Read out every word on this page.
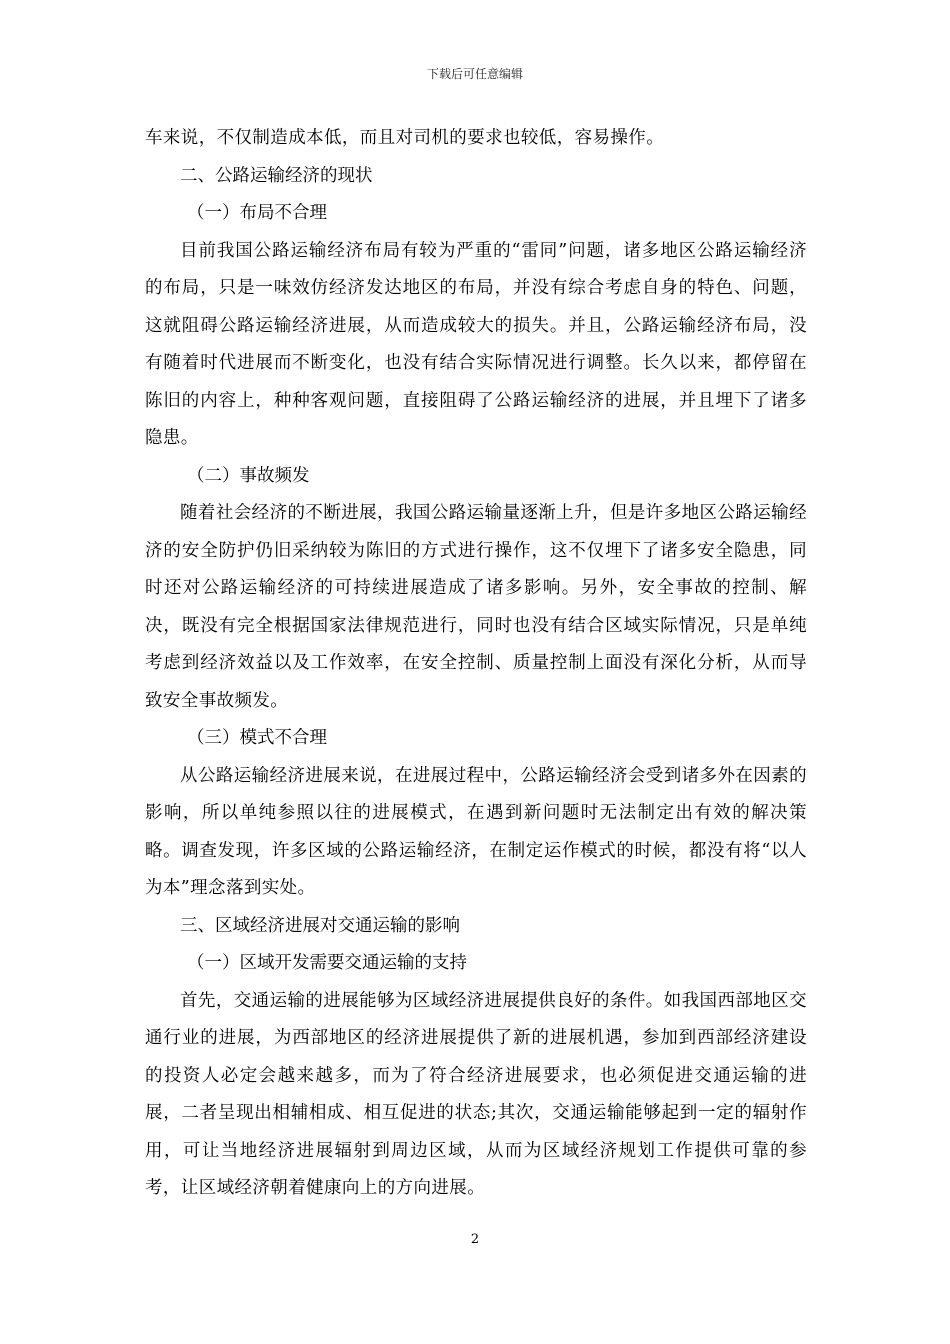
下载后可任意编辑

车来说，不仅制造成本低，而且对司机的要求也较低，容易操作。

二、公路运输经济的现状

（一）布局不合理

目前我国公路运输经济布局有较为严重的“雷同”问题，诸多地区公路运输经济的布局，只是一味效仿经济发达地区的布局，并没有综合考虑自身的特色、问题，这就阻碍公路运输经济进展，从而造成较大的损失。并且，公路运输经济布局，没有随着时代进展而不断变化，也没有结合实际情况进行调整。长久以来，都停留在陈旧的内容上，种种客观问题，直接阻碍了公路运输经济的进展，并且埋下了诸多隐患。

（二）事故频发

随着社会经济的不断进展，我国公路运输量逐渐上升，但是许多地区公路运输经济的安全防护仍旧采纳较为陈旧的方式进行操作，这不仅埋下了诸多安全隐患，同时还对公路运输经济的可持续进展造成了诸多影响。另外，安全事故的控制、解决，既没有完全根据国家法律规范进行，同时也没有结合区域实际情况，只是单纯考虑到经济效益以及工作效率，在安全控制、质量控制上面没有深化分析，从而导致安全事故频发。

（三）模式不合理

从公路运输经济进展来说，在进展过程中，公路运输经济会受到诸多外在因素的影响，所以单纯参照以往的进展模式，在遇到新问题时无法制定出有效的解决策略。调查发现，许多区域的公路运输经济，在制定运作模式的时候，都没有将“以人为本”理念落到实处。

三、区域经济进展对交通运输的影响

（一）区域开发需要交通运输的支持

首先，交通运输的进展能够为区域经济进展提供良好的条件。如我国西部地区交通行业的进展，为西部地区的经济进展提供了新的进展机遇，参加到西部经济建设的投资人必定会越来越多，而为了符合经济进展要求，也必须促进交通运输的进展，二者呈现出相辅相成、相互促进的状态;其次，交通运输能够起到一定的辐射作用，可让当地经济进展辐射到周边区域，从而为区域经济规划工作提供可靠的参考，让区域经济朝着健康向上的方向进展。

2
